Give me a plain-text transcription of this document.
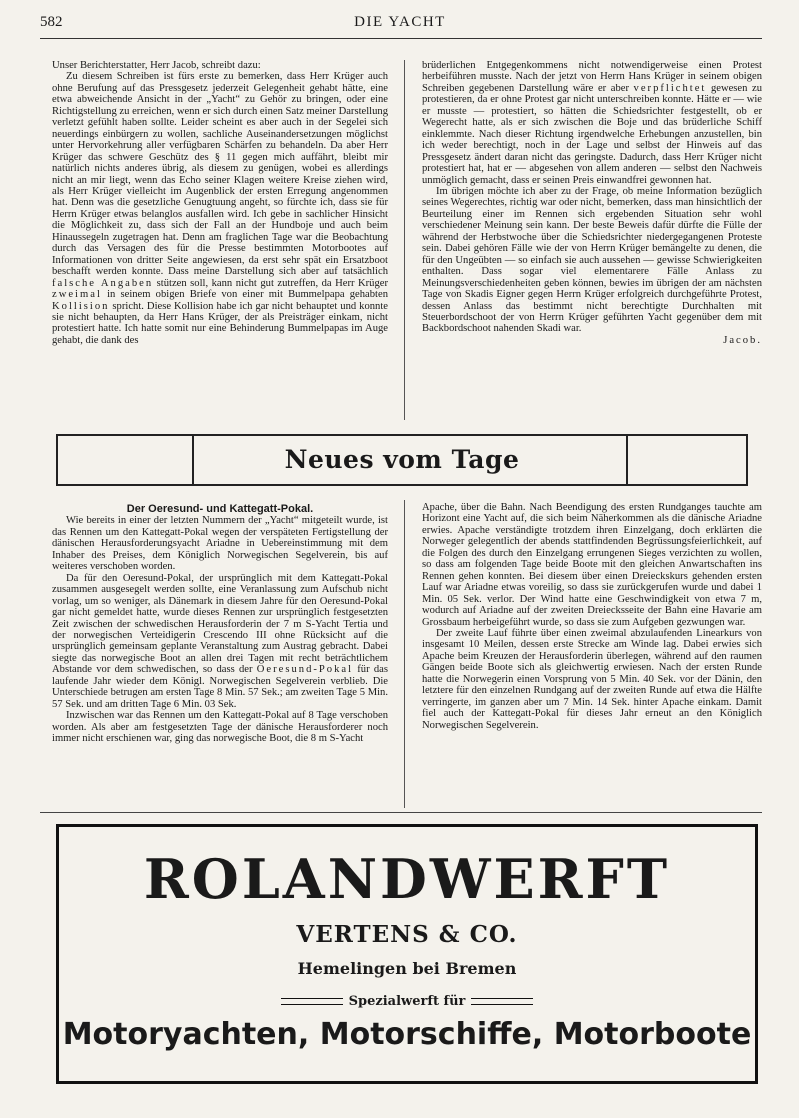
582	DIE YACHT

Unser Berichterstatter, Herr Jacob, schreibt dazu:

Zu diesem Schreiben ist fürs erste zu bemerken, dass Herr Krüger auch ohne Berufung auf das Pressgesetz jederzeit Gelegenheit gehabt hätte, eine etwa abweichende Ansicht in der „Yacht“ zu Gehör zu bringen, oder eine Richtigstellung zu erreichen, wenn er sich durch einen Satz meiner Darstellung verletzt gefühlt haben sollte. Leider scheint es aber auch in der Segelei sich neuerdings einbürgern zu wollen, sachliche Auseinandersetzungen möglichst unter Hervorkehrung aller verfügbaren Schärfen zu behandeln. Da aber Herr Krüger das schwere Geschütz des § 11 gegen mich auffährt, bleibt mir natürlich nichts anderes übrig, als diesem zu genügen, wobei es allerdings nicht an mir liegt, wenn das Echo seiner Klagen weitere Kreise ziehen wird, als Herr Krüger vielleicht im Augenblick der ersten Erregung angenommen hat. Denn was die gesetzliche Genugtuung angeht, so fürchte ich, dass sie für Herrn Krüger etwas belanglos ausfallen wird. Ich gebe in sachlicher Hinsicht die Möglichkeit zu, dass sich der Fall an der Hundboje und auch beim Hinaussegeln zugetragen hat. Denn am fraglichen Tage war die Beobachtung durch das Versagen des für die Presse bestimmten Motorbootes auf Informationen von dritter Seite angewiesen, da erst sehr spät ein Ersatzboot beschafft werden konnte. Dass meine Darstellung sich aber auf tatsächlich falsche Angaben stützen soll, kann nicht gut zutreffen, da Herr Krüger zweimal in seinem obigen Briefe von einer mit Bummelpapa gehabten Kollision spricht. Diese Kollision habe ich gar nicht behauptet und konnte sie nicht behaupten, da Herr Hans Krüger, der als Preisträger einkam, nicht protestiert hatte. Ich hatte somit nur eine Behinderung Bummelpapas im Auge gehabt, die dank des

brüderlichen Entgegenkommens nicht notwendigerweise einen Protest herbeiführen musste. Nach der jetzt von Herrn Hans Krüger in seinem obigen Schreiben gegebenen Darstellung wäre er aber verpflichtet gewesen zu protestieren, da er ohne Protest gar nicht unterschreiben konnte. Hätte er — wie er musste — protestiert, so hätten die Schiedsrichter festgestellt, ob er Wegerecht hatte, als er sich zwischen die Boje und das brüderliche Schiff einklemmte. Nach dieser Richtung irgendwelche Erhebungen anzustellen, bin ich weder berechtigt, noch in der Lage und selbst der Hinweis auf das Pressgesetz ändert daran nicht das geringste. Dadurch, dass Herr Krüger nicht protestiert hat, hat er — abgesehen von allem anderen — selbst den Nachweis unmöglich gemacht, dass er seinen Preis einwandfrei gewonnen hat.

Im übrigen möchte ich aber zu der Frage, ob meine Information bezüglich seines Wegerechtes, richtig war oder nicht, bemerken, dass man hinsichtlich der Beurteilung einer im Rennen sich ergebenden Situation sehr wohl verschiedener Meinung sein kann. Der beste Beweis dafür dürfte die Fülle der während der Herbstwoche über die Schiedsrichter niedergegangenen Proteste sein. Dabei gehören Fälle wie der von Herrn Krüger bemängelte zu denen, die für den Ungeübten — so einfach sie auch aussehen — gewisse Schwierigkeiten enthalten. Dass sogar viel elementarere Fälle Anlass zu Meinungsverschiedenheiten geben können, bewies im übrigen der am nächsten Tage von Skadis Eigner gegen Herrn Krüger erfolgreich durchgeführte Protest, dessen Anlass das bestimmt nicht berechtigte Durchhalten mit Steuerbordschoot der von Herrn Krüger geführten Yacht gegenüber dem mit Backbordschoot nahenden Skadi war.

Jacob.

Neues vom Tage

Der Oeresund- und Kattegatt-Pokal.

Wie bereits in einer der letzten Nummern der „Yacht“ mitgeteilt wurde, ist das Rennen um den Kattegatt-Pokal wegen der verspäteten Fertigstellung der dänischen Herausforderungsyacht Ariadne in Uebereinstimmung mit dem Inhaber des Preises, dem Königlich Norwegischen Segelverein, bis auf weiteres verschoben worden.

Da für den Oeresund-Pokal, der ursprünglich mit dem Kattegatt-Pokal zusammen ausgesegelt werden sollte, eine Veranlassung zum Aufschub nicht vorlag, um so weniger, als Dänemark in diesem Jahre für den Oeresund-Pokal gar nicht gemeldet hatte, wurde dieses Rennen zur ursprünglich festgesetzten Zeit zwischen der schwedischen Herausforderin der 7 m S-Yacht Tertia und der norwegischen Verteidigerin Crescendo III ohne Rücksicht auf die ursprünglich gemeinsam geplante Veranstaltung zum Austrag gebracht. Dabei siegte das norwegische Boot an allen drei Tagen mit recht beträchtlichem Abstande vor dem schwedischen, so dass der Oeresund-Pokal für das laufende Jahr wieder dem Königl. Norwegischen Segelverein verblieb. Die Unterschiede betrugen am ersten Tage 8 Min. 57 Sek.; am zweiten Tage 5 Min. 57 Sek. und am dritten Tage 6 Min. 03 Sek.

Inzwischen war das Rennen um den Kattegatt-Pokal auf 8 Tage verschoben worden. Als aber am festgesetzten Tage der dänische Herausforderer noch immer nicht erschienen war, ging das norwegische Boot, die 8 m S-Yacht

Apache, über die Bahn. Nach Beendigung des ersten Rundganges tauchte am Horizont eine Yacht auf, die sich beim Näherkommen als die dänische Ariadne erwies. Apache verständigte trotzdem ihren Einzelgang, doch erklärten die Norweger gelegentlich der abends stattfindenden Begrüssungsfeierlichkeit, auf die Folgen des durch den Einzelgang errungenen Sieges verzichten zu wollen, so dass am folgenden Tage beide Boote mit den gleichen Anwartschaften ins Rennen gehen konnten. Bei diesem über einen Dreieckskurs gehenden ersten Lauf war Ariadne etwas voreilig, so dass sie zurückgerufen wurde und dabei 1 Min. 05 Sek. verlor. Der Wind hatte eine Geschwindigkeit von etwa 7 m, wodurch auf Ariadne auf der zweiten Dreiecksseite der Bahn eine Havarie am Grossbaum herbeigeführt wurde, so dass sie zum Aufgeben gezwungen war.

Der zweite Lauf führte über einen zweimal abzulaufenden Linearkurs von insgesamt 10 Meilen, dessen erste Strecke am Winde lag. Dabei erwies sich Apache beim Kreuzen der Herausforderin überlegen, während auf den raumen Gängen beide Boote sich als gleichwertig erwiesen. Nach der ersten Runde hatte die Norwegerin einen Vorsprung von 5 Min. 40 Sek. vor der Dänin, den letztere für den einzelnen Rundgang auf der zweiten Runde auf etwa die Hälfte verringerte, im ganzen aber um 7 Min. 14 Sek. hinter Apache einkam. Damit fiel auch der Kattegatt-Pokal für dieses Jahr erneut an den Königlich Norwegischen Segelverein.

ROLANDWERFT
VERTENS & CO.
Hemelingen bei Bremen
Spezialwerft für
Motoryachten, Motorschiffe, Motorboote
